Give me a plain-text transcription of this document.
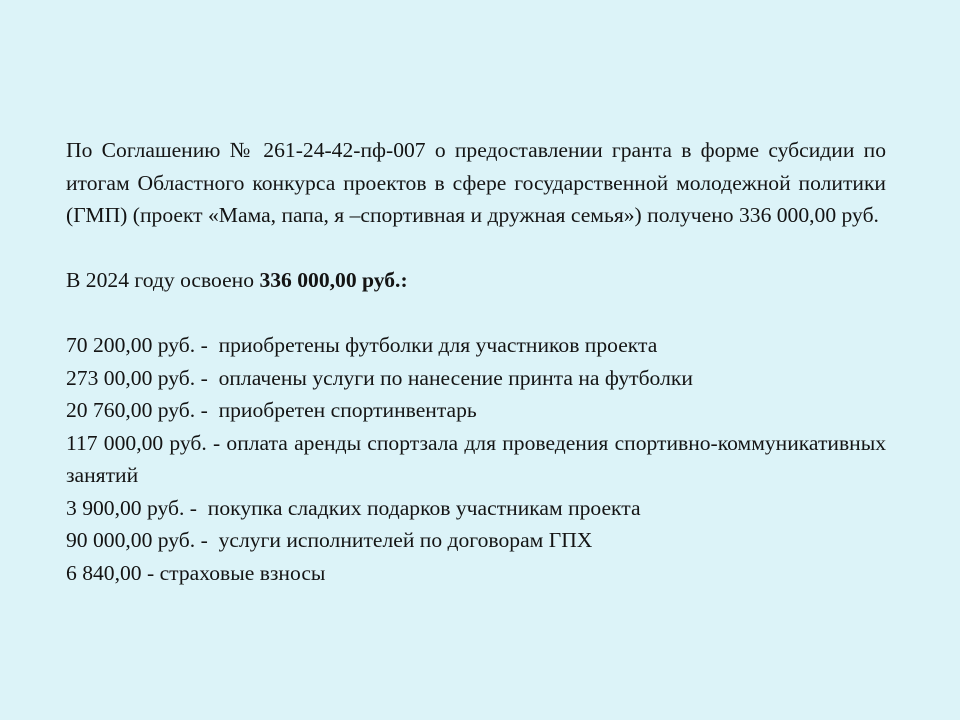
По Соглашению № 261-24-42-пф-007 о предоставлении гранта в форме субсидии по итогам Областного конкурса проектов в сфере государственной молодежной политики (ГМП) (проект «Мама, папа, я –спортивная и дружная семья») получено 336 000,00 руб.

В 2024 году освоено 336 000,00 руб.:

70 200,00 руб. -  приобретены футболки для участников проекта
273 00,00 руб. -  оплачены услуги по нанесение принта на футболки
20 760,00 руб. -  приобретен спортинвентарь
117 000,00 руб. - оплата аренды спортзала для проведения спортивно-коммуникативных занятий
3 900,00 руб. -  покупка сладких подарков участникам проекта
90 000,00 руб. -  услуги исполнителей по договорам ГПХ
6 840,00 - страховые взносы
